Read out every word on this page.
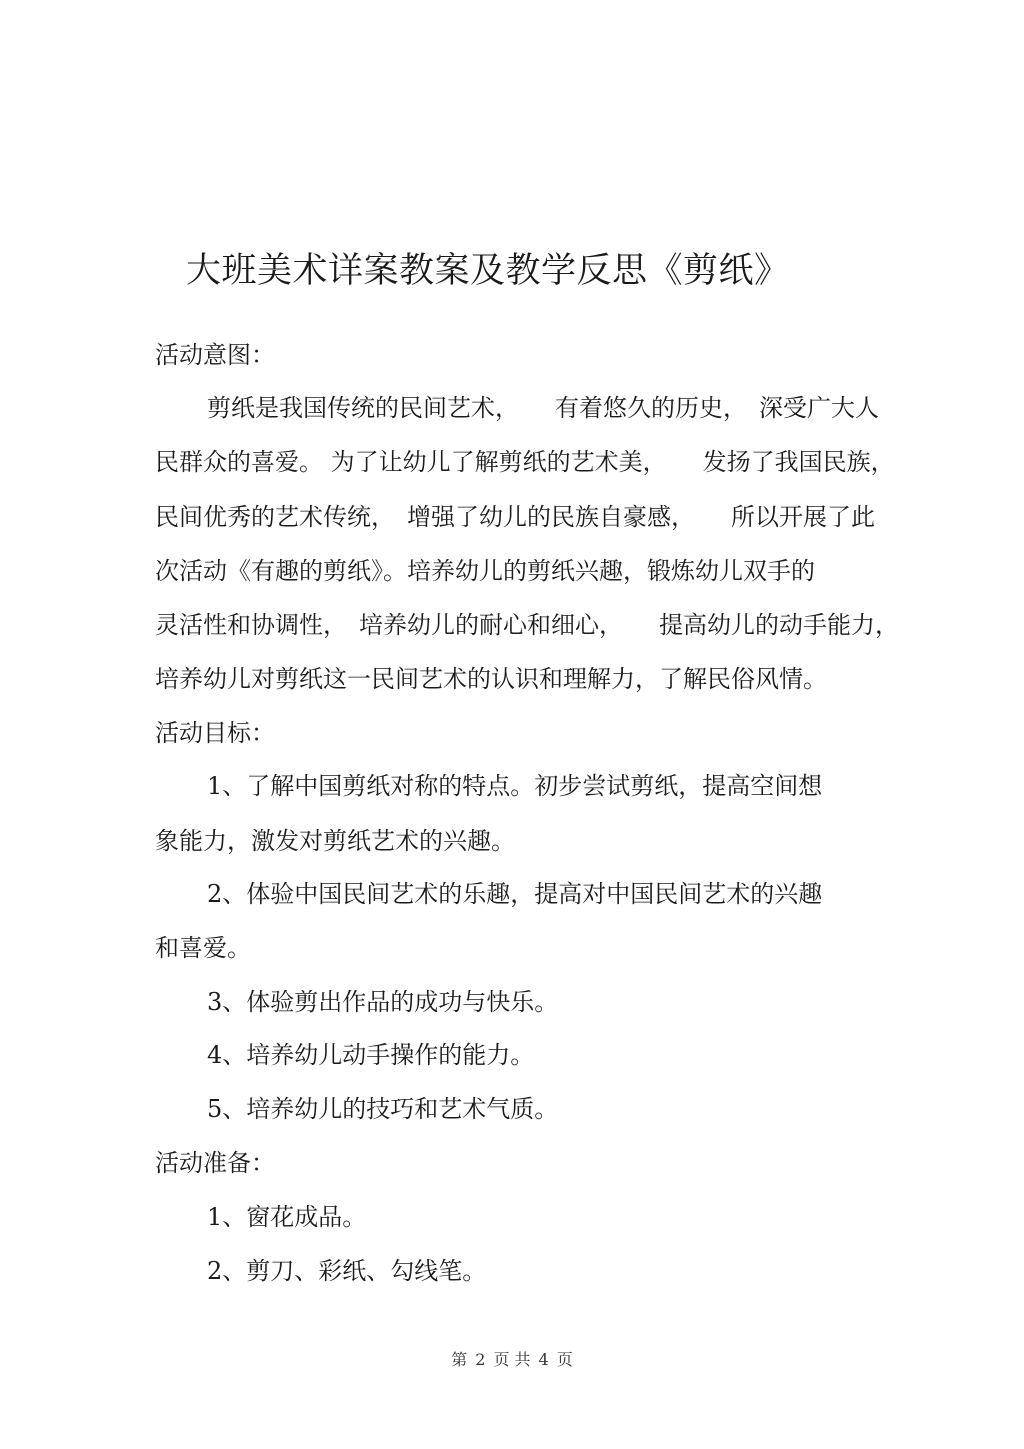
大班美术详案教案及教学反思《剪纸》
活动意图：
剪纸是我国传统的民间艺术，　　有着悠久的历史，　深受广大人
民群众的喜爱。 为了让幼儿了解剪纸的艺术美，　　发扬了我国民族，
民间优秀的艺术传统，　增强了幼儿的民族自豪感，　　所以开展了此
次活动《有趣的剪纸》。培养幼儿的剪纸兴趣，锻炼幼儿双手的
灵活性和协调性，　培养幼儿的耐心和细心，　　提高幼儿的动手能力，
培养幼儿对剪纸这一民间艺术的认识和理解力，了解民俗风情。
活动目标：
1、了解中国剪纸对称的特点。初步尝试剪纸，提高空间想
象能力，激发对剪纸艺术的兴趣。
2、体验中国民间艺术的乐趣，提高对中国民间艺术的兴趣
和喜爱。
3、体验剪出作品的成功与快乐。
4、培养幼儿动手操作的能力。
5、培养幼儿的技巧和艺术气质。
活动准备：
1、窗花成品。
2、剪刀、彩纸、勾线笔。
第 2 页 共 4 页
